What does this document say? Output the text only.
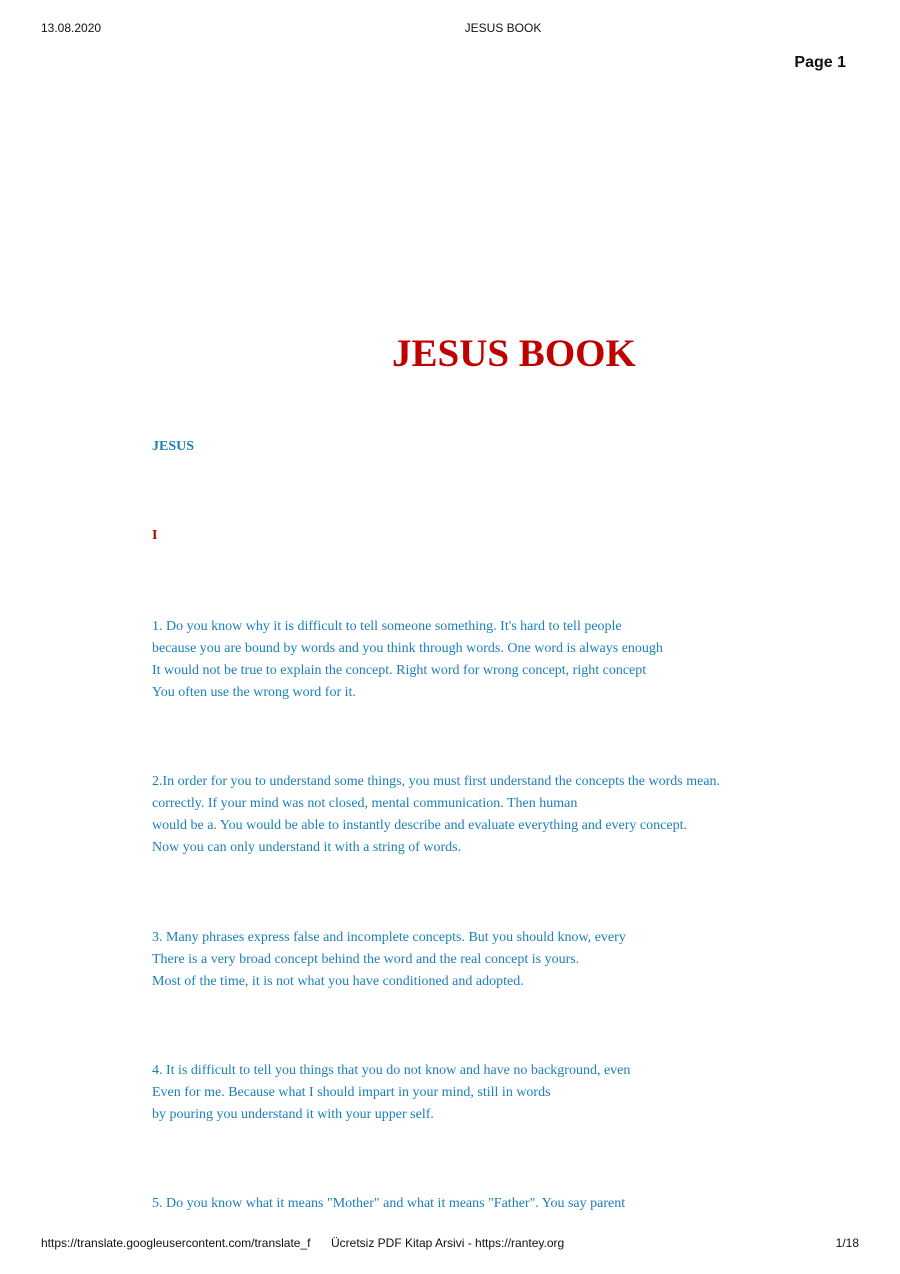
13.08.2020	JESUS BOOK
Page 1
JESUS BOOK
JESUS
I
1. Do you know why it is difficult to tell someone something. It's hard to tell people
because you are bound by words and you think through words. One word is always enough
It would not be true to explain the concept. Right word for wrong concept, right concept
You often use the wrong word for it.
2.In order for you to understand some things, you must first understand the concepts the words mean.
correctly. If your mind was not closed, mental communication. Then human
would be a. You would be able to instantly describe and evaluate everything and every concept.
Now you can only understand it with a string of words.
3. Many phrases express false and incomplete concepts. But you should know, every
There is a very broad concept behind the word and the real concept is yours.
Most of the time, it is not what you have conditioned and adopted.
4. It is difficult to tell you things that you do not know and have no background, even
Even for me. Because what I should impart in your mind, still in words
by pouring you understand it with your upper self.
5. Do you know what it means "Mother" and what it means "Father". You say parent
https://translate.googleusercontent.com/translate_f Ücretsiz PDF Kitap Arsivi - https://rantey.org	1/18
